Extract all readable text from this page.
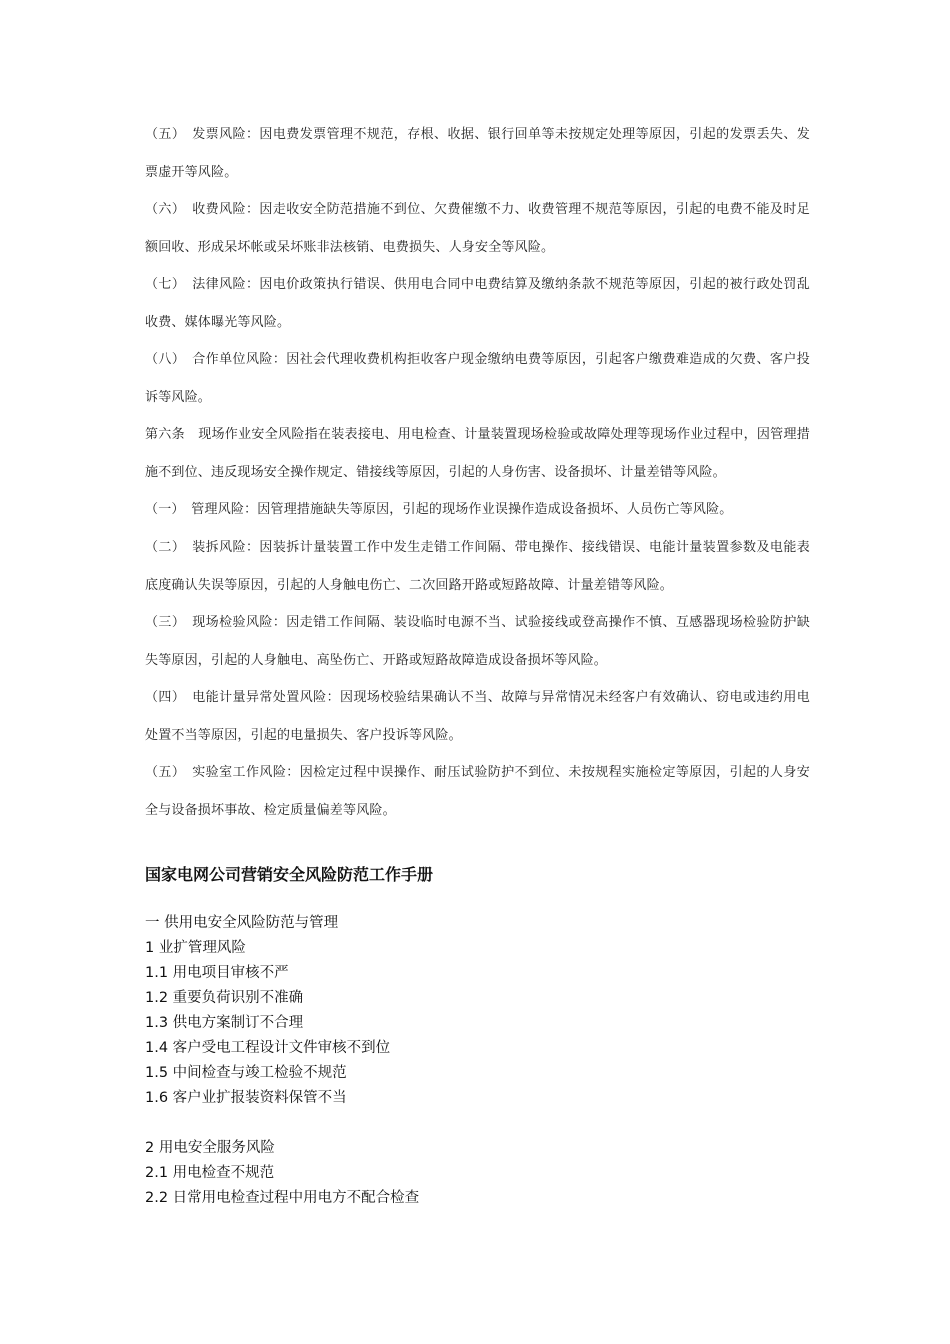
（五）　发票风险：因电费发票管理不规范，存根、收据、银行回单等未按规定处理等原因，引起的发票丢失、发票虚开等风险。

（六）　收费风险：因走收安全防范措施不到位、欠费催缴不力、收费管理不规范等原因，引起的电费不能及时足额回收、形成呆坏帐或呆坏账非法核销、电费损失、人身安全等风险。

（七）　法律风险：因电价政策执行错误、供用电合同中电费结算及缴纳条款不规范等原因，引起的被行政处罚乱收费、媒体曝光等风险。

（八）　合作单位风险：因社会代理收费机构拒收客户现金缴纳电费等原因，引起客户缴费难造成的欠费、客户投诉等风险。

第六条　现场作业安全风险指在装表接电、用电检查、计量装置现场检验或故障处理等现场作业过程中，因管理措施不到位、违反现场安全操作规定、错接线等原因，引起的人身伤害、设备损坏、计量差错等风险。

（一）　管理风险：因管理措施缺失等原因，引起的现场作业误操作造成设备损坏、人员伤亡等风险。

（二）　装拆风险：因装拆计量装置工作中发生走错工作间隔、带电操作、接线错误、电能计量装置参数及电能表底度确认失误等原因，引起的人身触电伤亡、二次回路开路或短路故障、计量差错等风险。

（三）　现场检验风险：因走错工作间隔、装设临时电源不当、试验接线或登高操作不慎、互感器现场检验防护缺失等原因，引起的人身触电、高坠伤亡、开路或短路故障造成设备损坏等风险。

（四）　电能计量异常处置风险：因现场校验结果确认不当、故障与异常情况未经客户有效确认、窃电或违约用电处置不当等原因，引起的电量损失、客户投诉等风险。

（五）　实验室工作风险：因检定过程中误操作、耐压试验防护不到位、未按规程实施检定等原因，引起的人身安全与设备损坏事故、检定质量偏差等风险。

国家电网公司营销安全风险防范工作手册
一 供用电安全风险防范与管理
1 业扩管理风险
1.1 用电项目审核不严
1.2 重要负荷识别不准确
1.3 供电方案制订不合理
1.4 客户受电工程设计文件审核不到位
1.5 中间检查与竣工检验不规范
1.6 客户业扩报装资料保管不当
2 用电安全服务风险
2.1 用电检查不规范
2.2 日常用电检查过程中用电方不配合检查
